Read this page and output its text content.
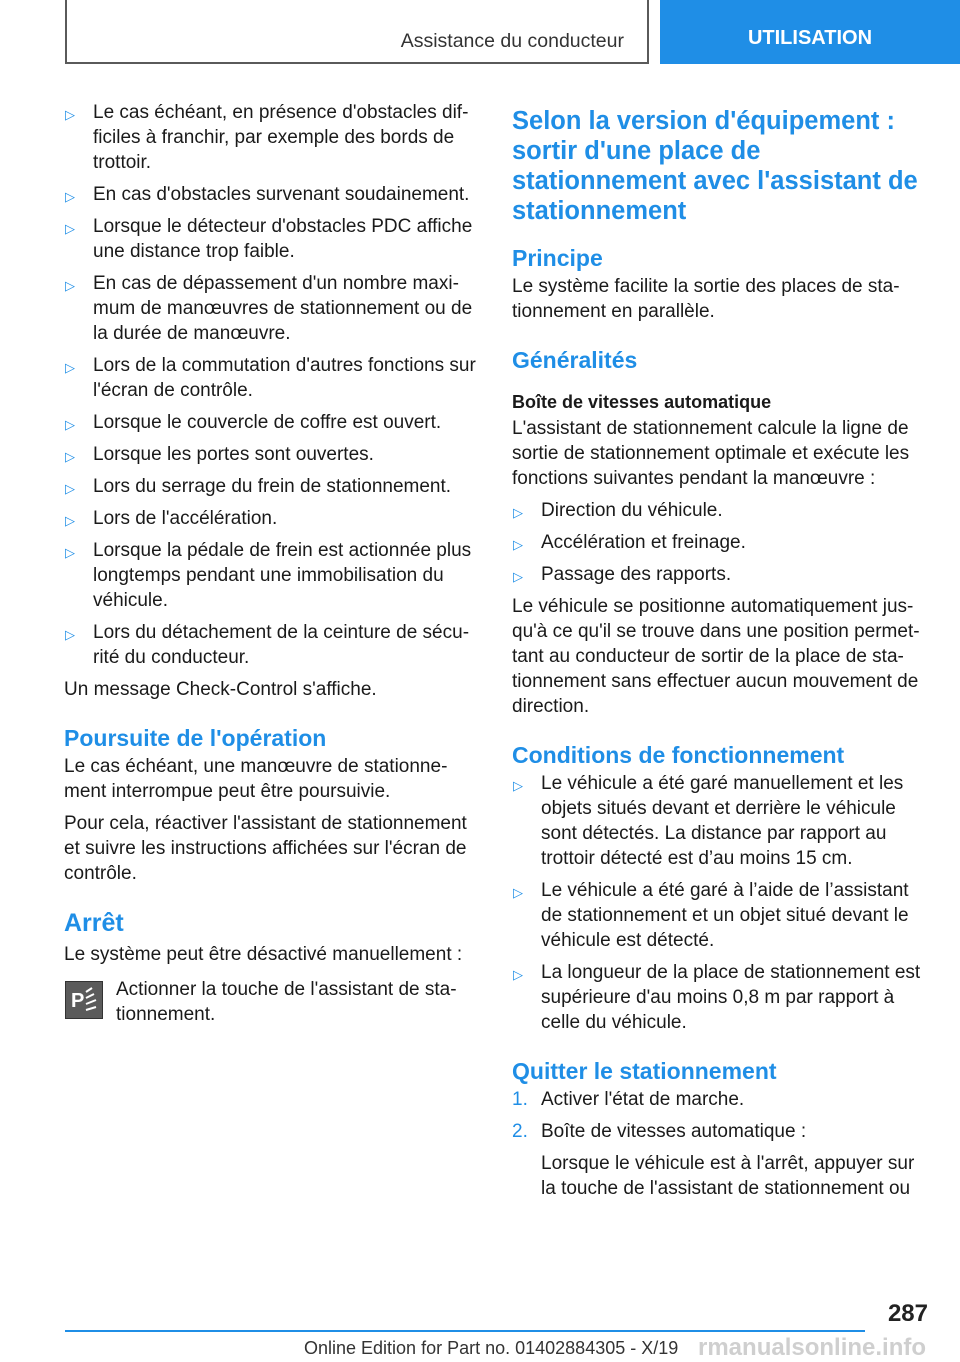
Assistance du conducteur	UTILISATION
▷ Le cas échéant, en présence d'obstacles difficiles à franchir, par exemple des bords de trottoir.
▷ En cas d'obstacles survenant soudainement.
▷ Lorsque le détecteur d'obstacles PDC affiche une distance trop faible.
▷ En cas de dépassement d'un nombre maximum de manœuvres de stationnement ou de la durée de manœuvre.
▷ Lors de la commutation d'autres fonctions sur l'écran de contrôle.
▷ Lorsque le couvercle de coffre est ouvert.
▷ Lorsque les portes sont ouvertes.
▷ Lors du serrage du frein de stationnement.
▷ Lors de l'accélération.
▷ Lorsque la pédale de frein est actionnée plus longtemps pendant une immobilisation du véhicule.
▷ Lors du détachement de la ceinture de sécurité du conducteur.

Un message Check-Control s'affiche.

Poursuite de l'opération

Le cas échéant, une manœuvre de stationnement interrompue peut être poursuivie.

Pour cela, réactiver l'assistant de stationnement et suivre les instructions affichées sur l'écran de contrôle.

Arrêt

Le système peut être désactivé manuellement :

P

Actionner la touche de l'assistant de stationnement.

Selon la version d'équipement : sortir d'une place de stationnement avec l'assistant de stationnement
Principe

Le système facilite la sortie des places de stationnement en parallèle.

Généralités
Boîte de vitesses automatique

L'assistant de stationnement calcule la ligne de sortie de stationnement optimale et exécute les fonctions suivantes pendant la manœuvre :

▷ Direction du véhicule.
▷ Accélération et freinage.
▷ Passage des rapports.

Le véhicule se positionne automatiquement jusqu'à ce qu'il se trouve dans une position permettant au conducteur de sortir de la place de stationnement sans effectuer aucun mouvement de direction.

Conditions de fonctionnement
▷ Le véhicule a été garé manuellement et les objets situés devant et derrière le véhicule sont détectés. La distance par rapport au trottoir détecté est d’au moins 15 cm.
▷ Le véhicule a été garé à l’aide de l’assistant de stationnement et un objet situé devant le véhicule est détecté.
▷ La longueur de la place de stationnement est supérieure d'au moins 0,8 m par rapport à celle du véhicule.
Quitter le stationnement
1. Activer l'état de marche.
2. Boîte de vitesses automatique :
Lorsque le véhicule est à l'arrêt, appuyer sur la touche de l'assistant de stationnement ou
287
Online Edition for Part no. 01402884305 - X/19 rmanualsonline.info
